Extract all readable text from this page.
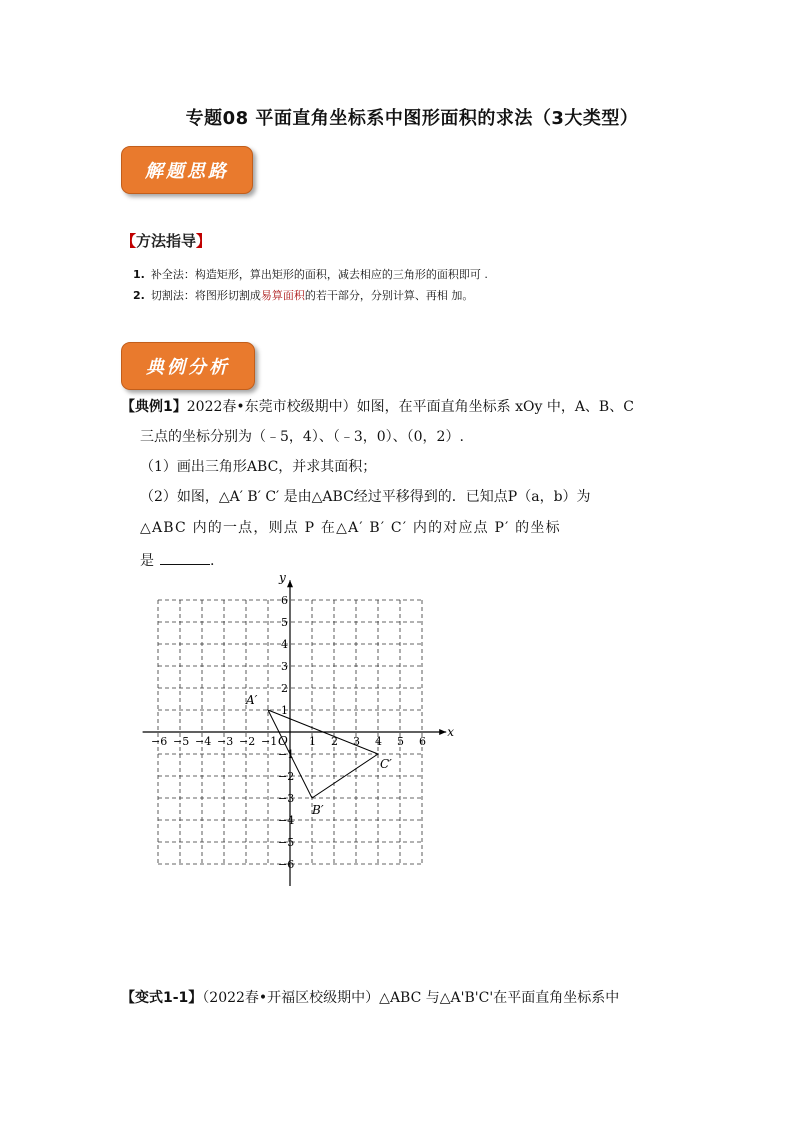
专题08 平面直角坐标系中图形面积的求法（3大类型）
解题思路
【方法指导】
1. 补全法：构造矩形，算出矩形的面积，减去相应的三角形的面积即可 .
2. 切割法：将图形切割成易算面积的若干部分，分别计算、再相 加。
典例分析
【典例1】2022春•东莞市校级期中）如图，在平面直角坐标系 xOy 中，A、B、C
三点的坐标分别为（﹣5，4）、（﹣3，0）、（0，2）.
（1）画出三角形ABC，并求其面积；
（2）如图，△A′ B′ C′ 是由△ABC经过平移得到的．已知点P（a，b）为
△ABC 内的一点，则点 P 在△A′ B′ C′ 内的对应点 P′ 的坐标
是	.
x
y
O
−6 −5 −4 −3 −2 −1	1 2 3 4 5 6
6
5
4
3
2
1
−1
−2
−3
−4
−5
−6
A′
B′
C′
【变式1-1】（2022春•开福区校级期中）△ABC 与△A'B'C'在平面直角坐标系中
